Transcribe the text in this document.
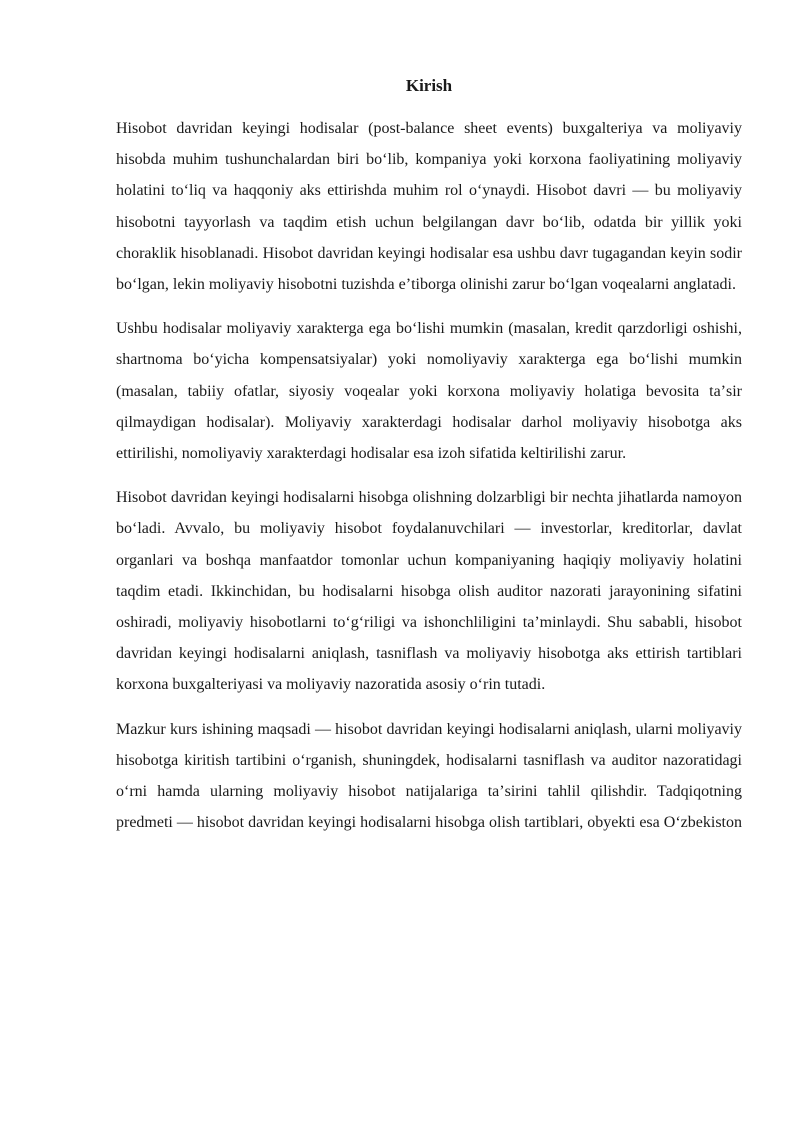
Kirish

Hisobot davridan keyingi hodisalar (post-balance sheet events) buxgalteriya va moliyaviy hisobda muhim tushunchalardan biri boʻlib, kompaniya yoki korxona faoliyatining moliyaviy holatini toʻliq va haqqoniy aks ettirishda muhim rol oʻynaydi. Hisobot davri — bu moliyaviy hisobotni tayyorlash va taqdim etish uchun belgilangan davr boʻlib, odatda bir yillik yoki choraklik hisoblanadi. Hisobot davridan keyingi hodisalar esa ushbu davr tugagandan keyin sodir boʻlgan, lekin moliyaviy hisobotni tuzishda eʼtiborga olinishi zarur boʻlgan voqealarni anglatadi.

Ushbu hodisalar moliyaviy xarakterga ega boʻlishi mumkin (masalan, kredit qarzdorligi oshishi, shartnoma boʻyicha kompensatsiyalar) yoki nomoliyaviy xarakterga ega boʻlishi mumkin (masalan, tabiiy ofatlar, siyosiy voqealar yoki korxona moliyaviy holatiga bevosita taʼsir qilmaydigan hodisalar). Moliyaviy xarakterdagi hodisalar darhol moliyaviy hisobotga aks ettirilishi, nomoliyaviy xarakterdagi hodisalar esa izoh sifatida keltirilishi zarur.

Hisobot davridan keyingi hodisalarni hisobga olishning dolzarbligi bir nechta jihatlarda namoyon boʻladi. Avvalo, bu moliyaviy hisobot foydalanuvchilari — investorlar, kreditorlar, davlat organlari va boshqa manfaatdor tomonlar uchun kompaniyaning haqiqiy moliyaviy holatini taqdim etadi. Ikkinchidan, bu hodisalarni hisobga olish auditor nazorati jarayonining sifatini oshiradi, moliyaviy hisobotlarni toʻgʻriligi va ishonchliligini taʼminlaydi. Shu sababli, hisobot davridan keyingi hodisalarni aniqlash, tasniflash va moliyaviy hisobotga aks ettirish tartiblari korxona buxgalteriyasi va moliyaviy nazoratida asosiy oʻrin tutadi.

Mazkur kurs ishining maqsadi — hisobot davridan keyingi hodisalarni aniqlash, ularni moliyaviy hisobotga kiritish tartibini oʻrganish, shuningdek, hodisalarni tasniflash va auditor nazoratidagi oʻrni hamda ularning moliyaviy hisobot natijalariga taʼsirini tahlil qilishdir. Tadqiqotning predmeti — hisobot davridan keyingi hodisalarni hisobga olish tartiblari, obyekti esa Oʻzbekiston
